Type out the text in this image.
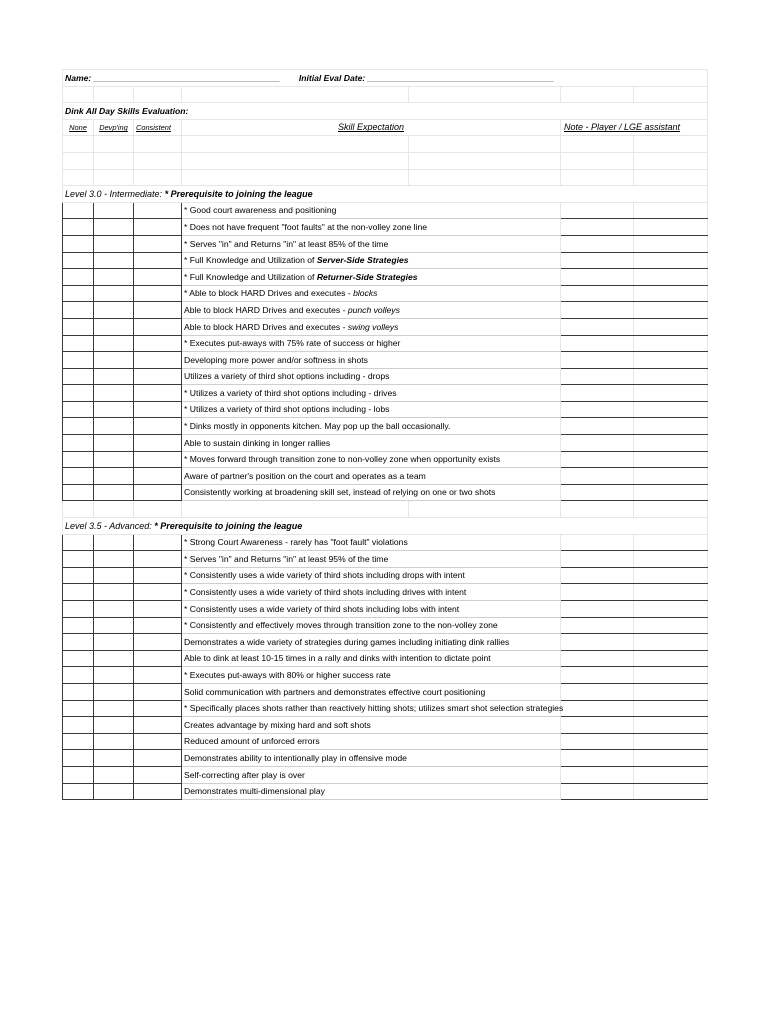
Name: _______________________________________ Initial Eval Date: _______________________________________						

Dink All Day Skills Evaluation:						
None	Devp'ing	Consistent	Skill Expectation		Note - Player / LGE assistant	

Level 3.0 - Intermediate: * Prerequisite to joining the league						
			* Good court awareness and positioning			
			* Does not have frequent "foot faults" at the non-volley zone line			
			* Serves "in" and Returns "in" at least 85% of the time			
			* Full Knowledge and Utilization of Server-Side Strategies			
			* Full Knowledge and Utilization of Returner-Side Strategies			
			* Able to block HARD Drives and executes - blocks			
			Able to block HARD Drives and executes - punch volleys			
			Able to block HARD Drives and executes - swing volleys			
			* Executes put-aways with 75% rate of success or higher			
			Developing more power and/or softness in shots			
			Utilizes a variety of third shot options including - drops			
			* Utilizes a variety of third shot options including - drives			
			* Utilizes a variety of third shot options including - lobs			
			* Dinks mostly in opponents kitchen. May pop up the ball occasionally.			
			Able to sustain dinking in longer rallies			
			* Moves forward through transition zone to non-volley zone when opportunity exists			
			Aware of partner's position on the court and operates as a team			
			Consistently working at broadening skill set, instead of relying on one or two shots			

Level 3.5 - Advanced: * Prerequisite to joining the league						
			* Strong Court Awareness - rarely has "foot fault" violations			
			* Serves "in" and Returns "in" at least 95% of the time			
			* Consistently uses a wide variety of third shots including drops with intent			
			* Consistently uses a wide variety of third shots including drives with intent			
			* Consistently uses a wide variety of third shots including lobs with intent			
			* Consistently and effectively moves through transition zone to the non-volley zone			
			Demonstrates a wide variety of strategies during games including initiating dink rallies			
			Able to dink at least 10-15 times in a rally and dinks with intention to dictate point			
			* Executes put-aways with 80% or higher success rate			
			Solid communication with partners and demonstrates effective court positioning			
			* Specifically places shots rather than reactively hitting shots; utilizes smart shot selection strategies			
			Creates advantage by mixing hard and soft shots			
			Reduced amount of unforced errors			
			Demonstrates ability to intentionally play in offensive mode			
			Self-correcting after play is over			
			Demonstrates multi-dimensional play			
